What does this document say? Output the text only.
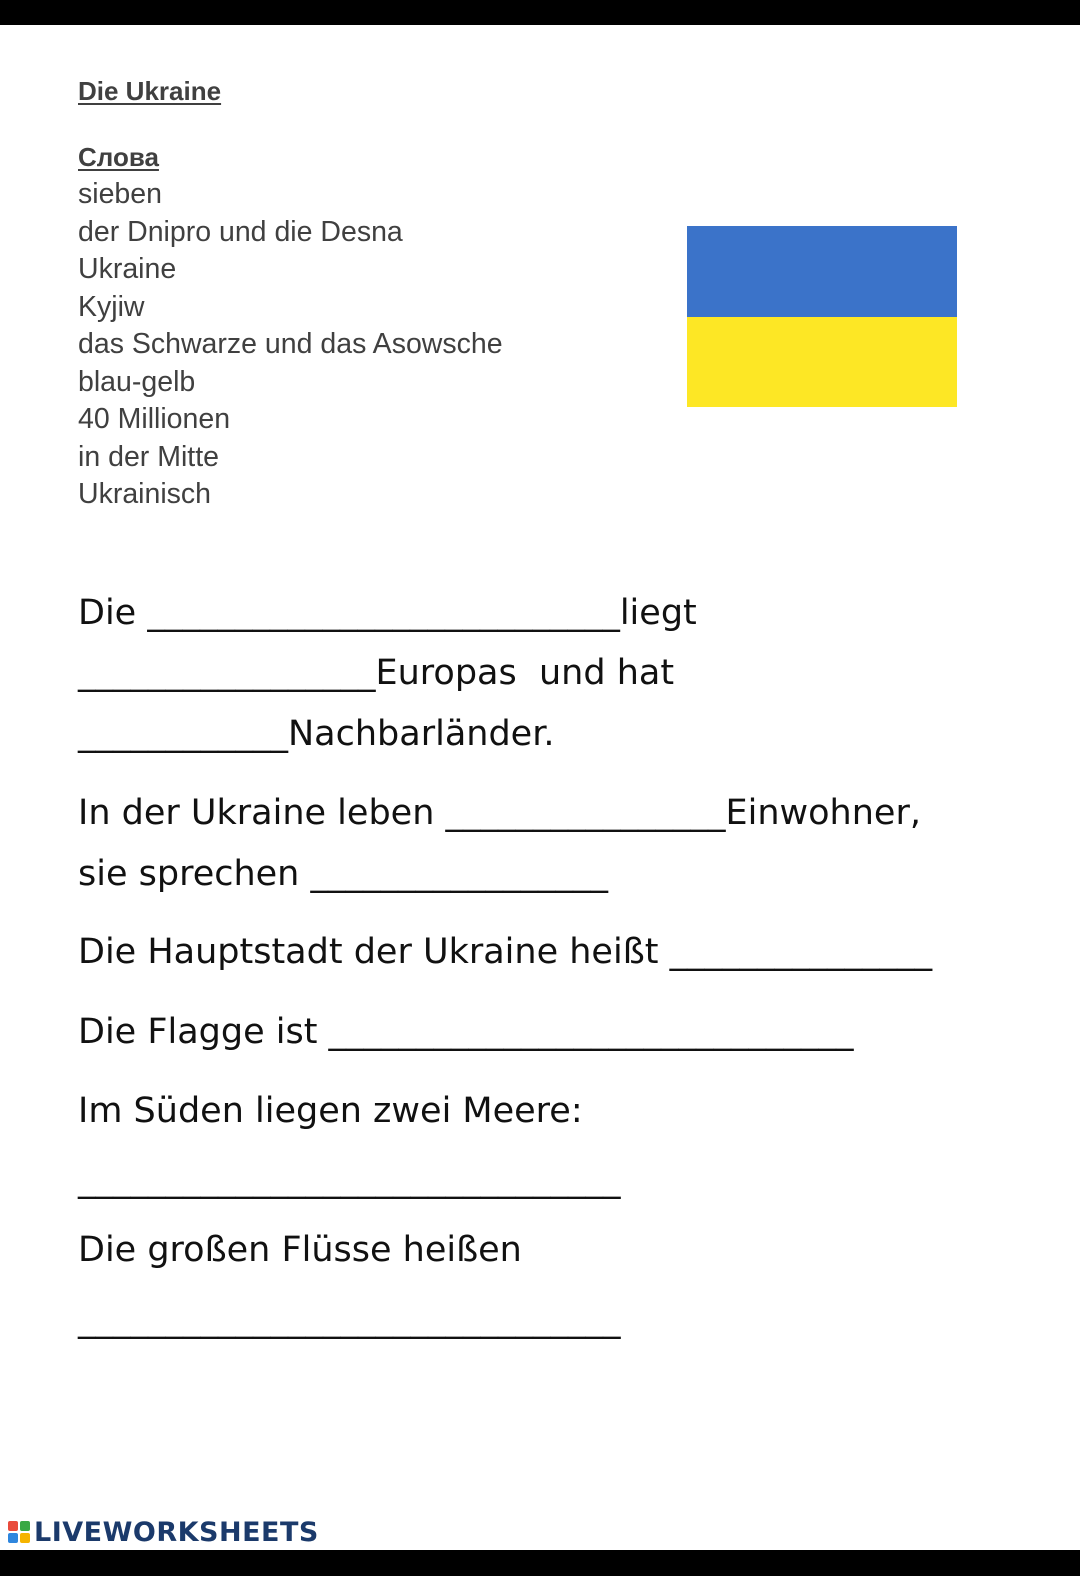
Die Ukraine
Слова
sieben
der Dnipro und die Desna
Ukraine
Kyjiw
das Schwarze und das Asowsche
blau-gelb
40 Millionen
in der Mitte
Ukrainisch

Die ___________________________liegt

_________________Europas  und hat

____________Nachbarländer.

In der Ukraine leben ________________Einwohner,

sie sprechen _________________

Die Hauptstadt der Ukraine heißt _______________

Die Flagge ist ______________________________

Im Süden liegen zwei Meere:

_______________________________

Die großen Flüsse heißen

_______________________________

LIVEWORKSHEETS
